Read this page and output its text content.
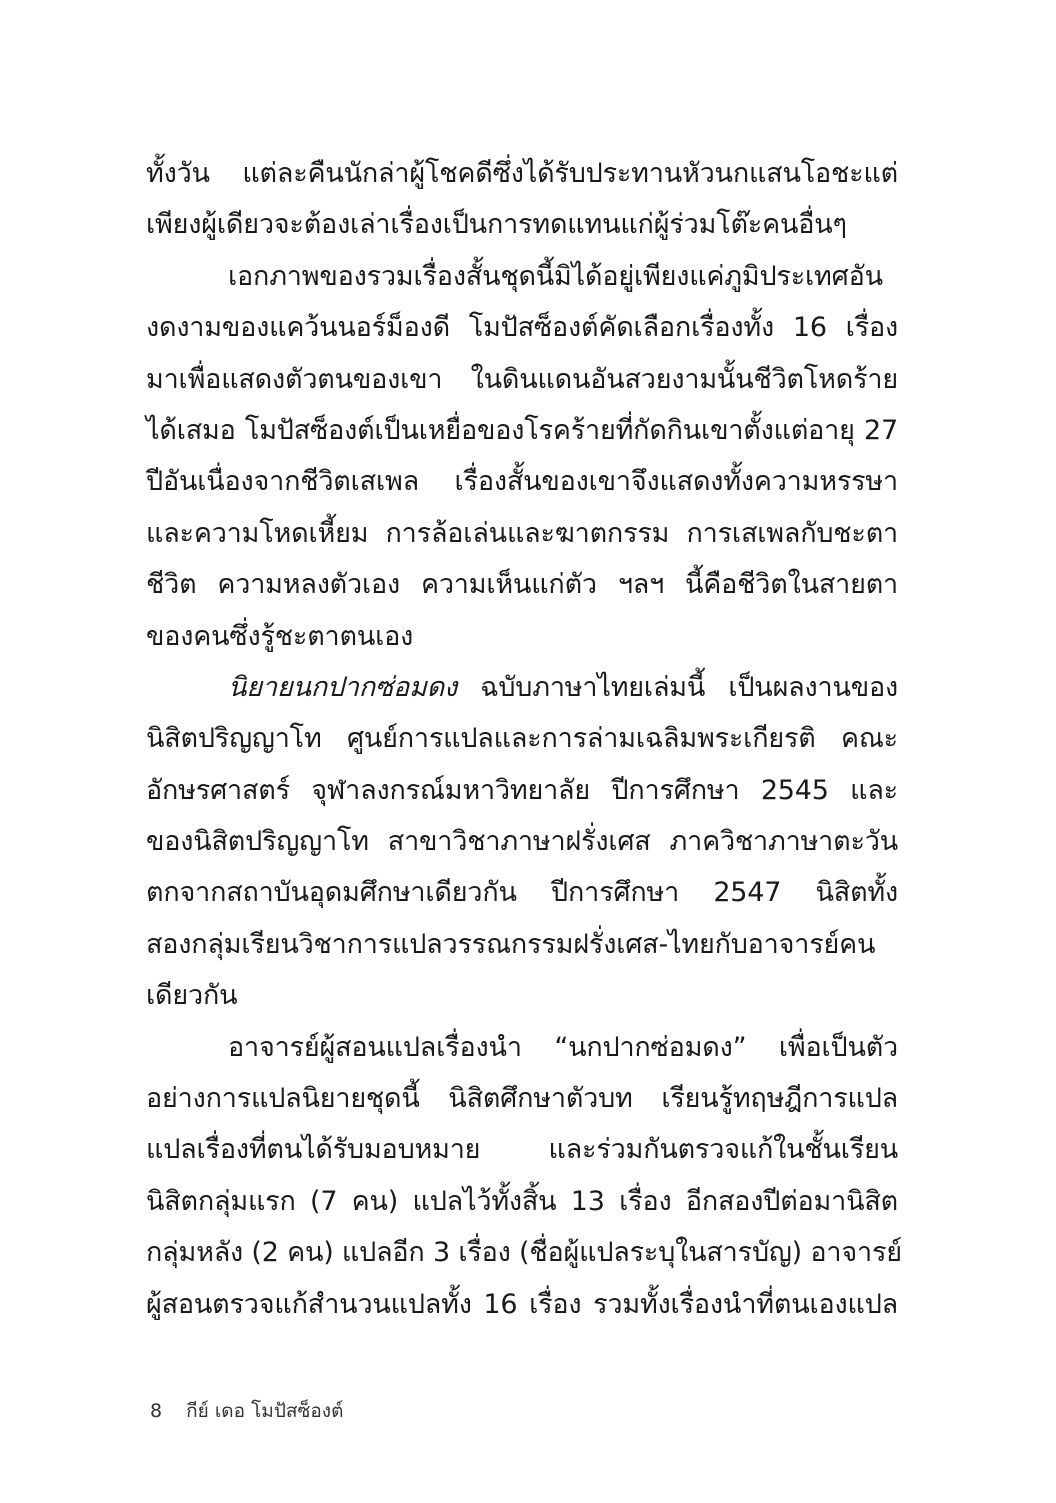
ทั้งวัน แต่ละคืนนักล่าผู้โชคดีซึ่งได้รับประทานหัวนกแสนโอชะแต่
เพียงผู้เดียวจะต้องเล่าเรื่องเป็นการทดแทนแก่ผู้ร่วมโต๊ะคนอื่นๆ
เอกภาพของรวมเรื่องสั้นชุดนี้มิได้อยู่เพียงแค่ภูมิประเทศอัน
งดงามของแคว้นนอร์ม็องดี โมปัสซ็องต์คัดเลือกเรื่องทั้ง 16 เรื่อง
มาเพื่อแสดงตัวตนของเขา ในดินแดนอันสวยงามนั้นชีวิตโหดร้าย
ได้เสมอ โมปัสซ็องต์เป็นเหยื่อของโรคร้ายที่กัดกินเขาตั้งแต่อายุ 27
ปีอันเนื่องจากชีวิตเสเพล เรื่องสั้นของเขาจึงแสดงทั้งความหรรษา
และความโหดเหี้ยม การล้อเล่นและฆาตกรรม การเสเพลกับชะตา
ชีวิต ความหลงตัวเอง ความเห็นแก่ตัว ฯลฯ นี้คือชีวิตในสายตา
ของคนซึ่งรู้ชะตาตนเอง
นิยายนกปากซ่อมดง ฉบับภาษาไทยเล่มนี้ เป็นผลงานของ
นิสิตปริญญาโท ศูนย์การแปลและการล่ามเฉลิมพระเกียรติ คณะ
อักษรศาสตร์ จุฬาลงกรณ์มหาวิทยาลัย ปีการศึกษา 2545 และ
ของนิสิตปริญญาโท สาขาวิชาภาษาฝรั่งเศส ภาควิชาภาษาตะวัน
ตกจากสถาบันอุดมศึกษาเดียวกัน ปีการศึกษา 2547 นิสิตทั้ง
สองกลุ่มเรียนวิชาการแปลวรรณกรรมฝรั่งเศส-ไทยกับอาจารย์คน
เดียวกัน
อาจารย์ผู้สอนแปลเรื่องนำ “นกปากซ่อมดง” เพื่อเป็นตัว
อย่างการแปลนิยายชุดนี้ นิสิตศึกษาตัวบท เรียนรู้ทฤษฎีการแปล
แปลเรื่องที่ตนได้รับมอบหมาย และร่วมกันตรวจแก้ในชั้นเรียน
นิสิตกลุ่มแรก (7 คน) แปลไว้ทั้งสิ้น 13 เรื่อง อีกสองปีต่อมานิสิต
กลุ่มหลัง (2 คน) แปลอีก 3 เรื่อง (ชื่อผู้แปลระบุในสารบัญ) อาจารย์
ผู้สอนตรวจแก้สำนวนแปลทั้ง 16 เรื่อง รวมทั้งเรื่องนำที่ตนเองแปล
8 กีย์ เดอ โมปัสซ็องต์
